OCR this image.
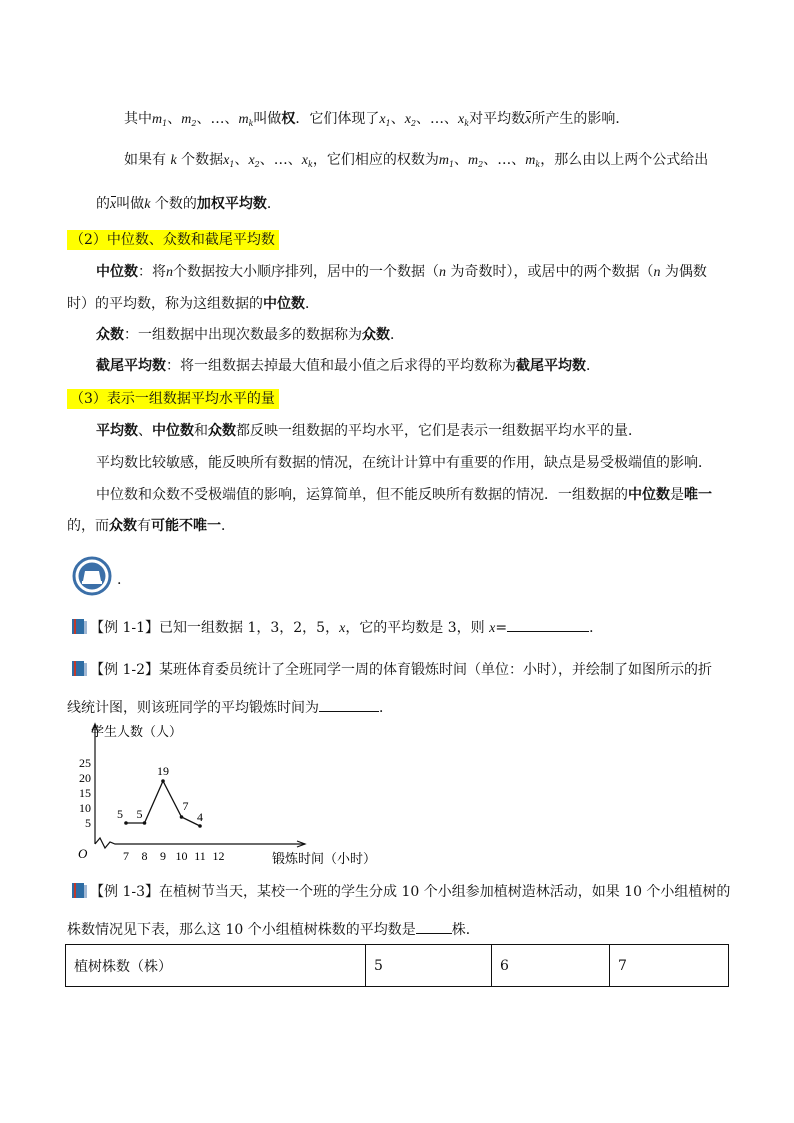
其中$m_1$、$m_2$、…、$m_k$叫做权．它们体现了$x_1$、$x_2$、…、$x_k$对平均数x所产生的影响．
如果有 k 个数据$x_1$、$x_2$、…、$x_k$，它们相应的权数为$m_1$、$m_2$、…、$m_k$，那么由以上两个公式给出
的x叫做k 个数的加权平均数．
（2）中位数、众数和截尾平均数
中位数：将n个数据按大小顺序排列，居中的一个数据（n 为奇数时），或居中的两个数据（n 为偶数
时）的平均数，称为这组数据的中位数．
众数：一组数据中出现次数最多的数据称为众数．
截尾平均数：将一组数据去掉最大值和最小值之后求得的平均数称为截尾平均数．
（3）表示一组数据平均水平的量
平均数、中位数和众数都反映一组数据的平均水平，它们是表示一组数据平均水平的量．
平均数比较敏感，能反映所有数据的情况，在统计计算中有重要的作用，缺点是易受极端值的影响．
中位数和众数不受极端值的影响，运算简单，但不能反映所有数据的情况．一组数据的中位数是唯一
的，而众数有可能不唯一．
.
【例 1-1】已知一组数据 1，3，2，5，x，它的平均数是 3，则 x=	．
【例 1-2】某班体育委员统计了全班同学一周的体育锻炼时间（单位：小时），并绘制了如图所示的折
线统计图，则该班同学的平均锻炼时间为	．
5
10
15
20
25
7 8 9 10 11 12
O
学生人数（人）
锻炼时间（小时）
5 5
19
7
4
【例 1-3】在植树节当天，某校一个班的学生分成 10 个小组参加植树造林活动，如果 10 个小组植树的
株数情况见下表，那么这 10 个小组植树株数的平均数是	株．
植树株数（株）	5	6	7
